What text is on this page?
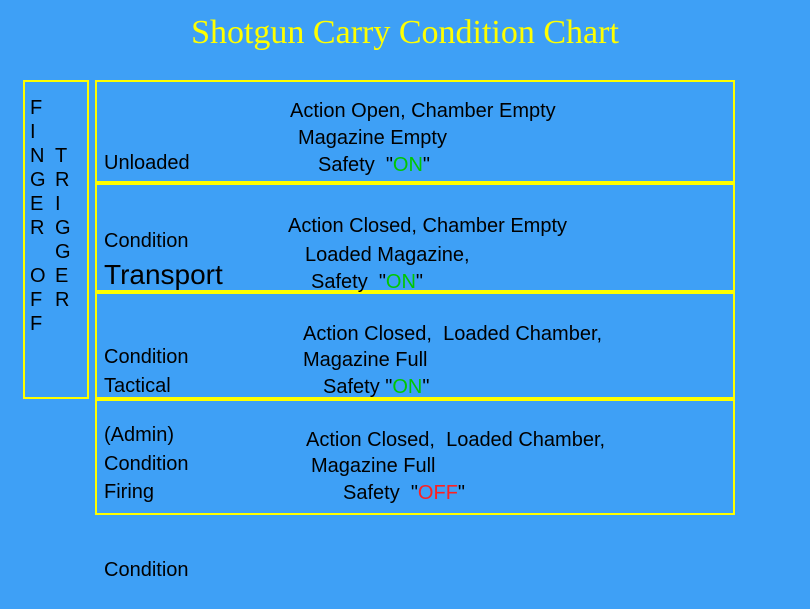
Shotgun Carry Condition Chart
F
I
N
G
E
R

O
F
F

T
R
I
G
G
E
R

Unloaded

Condition

Action Open, Chamber Empty
Magazine Empty
Safety  "ON"

Transport

Condition

(Admin)

Action Closed, Chamber Empty
Loaded Magazine,
Safety  "ON"

Tactical

Condition

Action Closed,  Loaded Chamber,
Magazine Full
Safety "ON"

Firing

Condition

Action Closed,  Loaded Chamber,
Magazine Full
Safety  "OFF"
